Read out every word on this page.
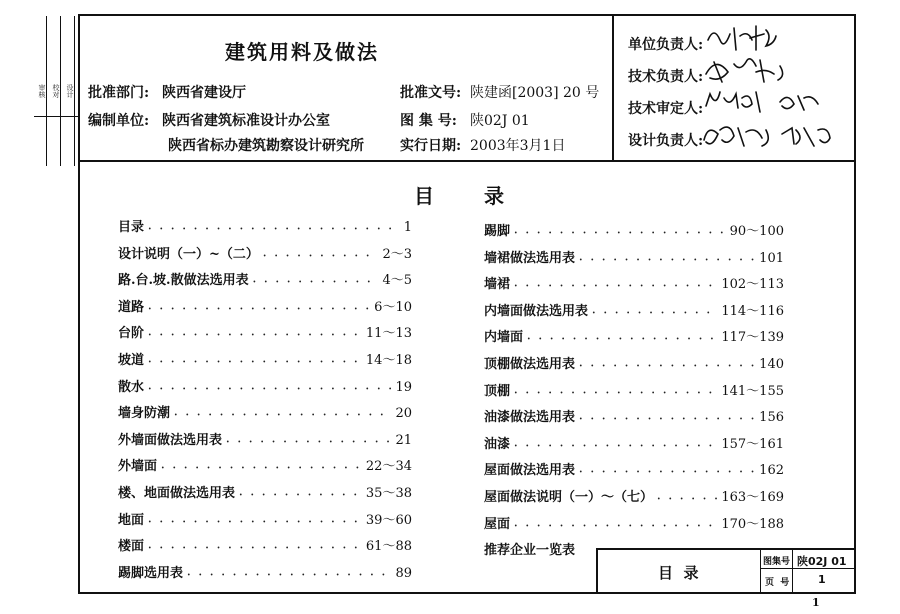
审核 校对 设计
建筑用料及做法
批准部门: 陕西省建设厅	批准文号: 陕建函[2003] 20 号
编制单位: 陕西省建筑标准设计办公室	图 集 号: 陕02J 01
陕西省标办建筑勘察设计研究所	实行日期: 2003年3月1日
单位负责人:
技术负责人:
技术审定人:
设计负责人:
目	录
目录 • • •	1
设计说明（一）~（二） • • •	2～3
路.台.坡.散做法选用表 • • •	4～5
道路 • • •	6～10
台阶 • • •	11～13
坡道 • • •	14～18
散水 • • •	19
墙身防潮 • • •	20
外墙面做法选用表 • • •	21
外墙面 • • •	22～34
楼、地面做法选用表 • • •	35～38
地面 • • •	39～60
楼面 • • •	61～88
踢脚选用表 • • •	89
踢脚 • • •	90～100
墙裙做法选用表 • • •	101
墙裙 • • •	102～113
内墙面做法选用表 • • •	114～116
内墙面 • • •	117～139
顶棚做法选用表 • • •	140
顶棚 • • •	141～155
油漆做法选用表 • • •	156
油漆 • • •	157～161
屋面做法选用表 • • •	162
屋面做法说明（一）～（七） • • •	163～169
屋面 • • •	170～188
推荐企业一览表
目  录
图集号 陕02J 01
页  号	1
1
